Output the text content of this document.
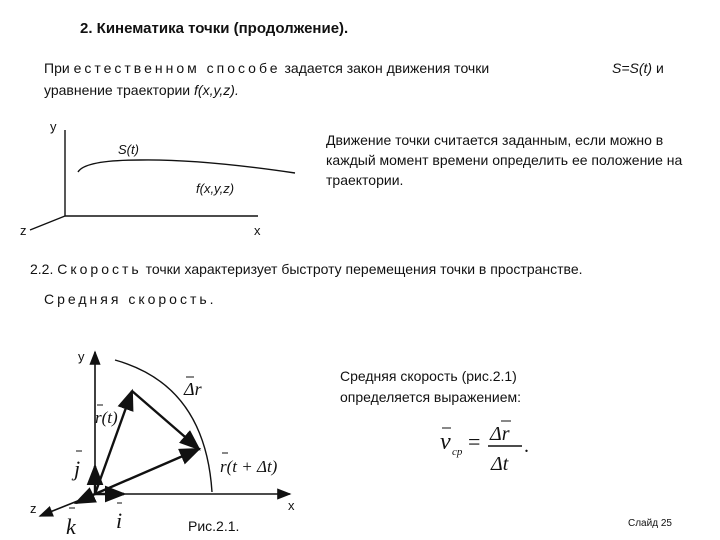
2. Кинематика точки (продолжение).
При естественном способе задается закон движения точки	S=S(t) и
уравнение траектории f(x,y,z).
Движение точки считается заданным, если можно в каждый момент времени определить ее положение на траектории.
y
x
z
S(t)
f(x,y,z)
2.2. Скорость точки характеризует быстроту перемещения точки в пространстве.
Средняя скорость.
y
x
z
Δr
r(t)
r(t + Δt)
j
i
k
Средняя скорость (рис.2.1) определяется выражением:
v ср = Δr
Δt
.
Рис.2.1.	Слайд 25
